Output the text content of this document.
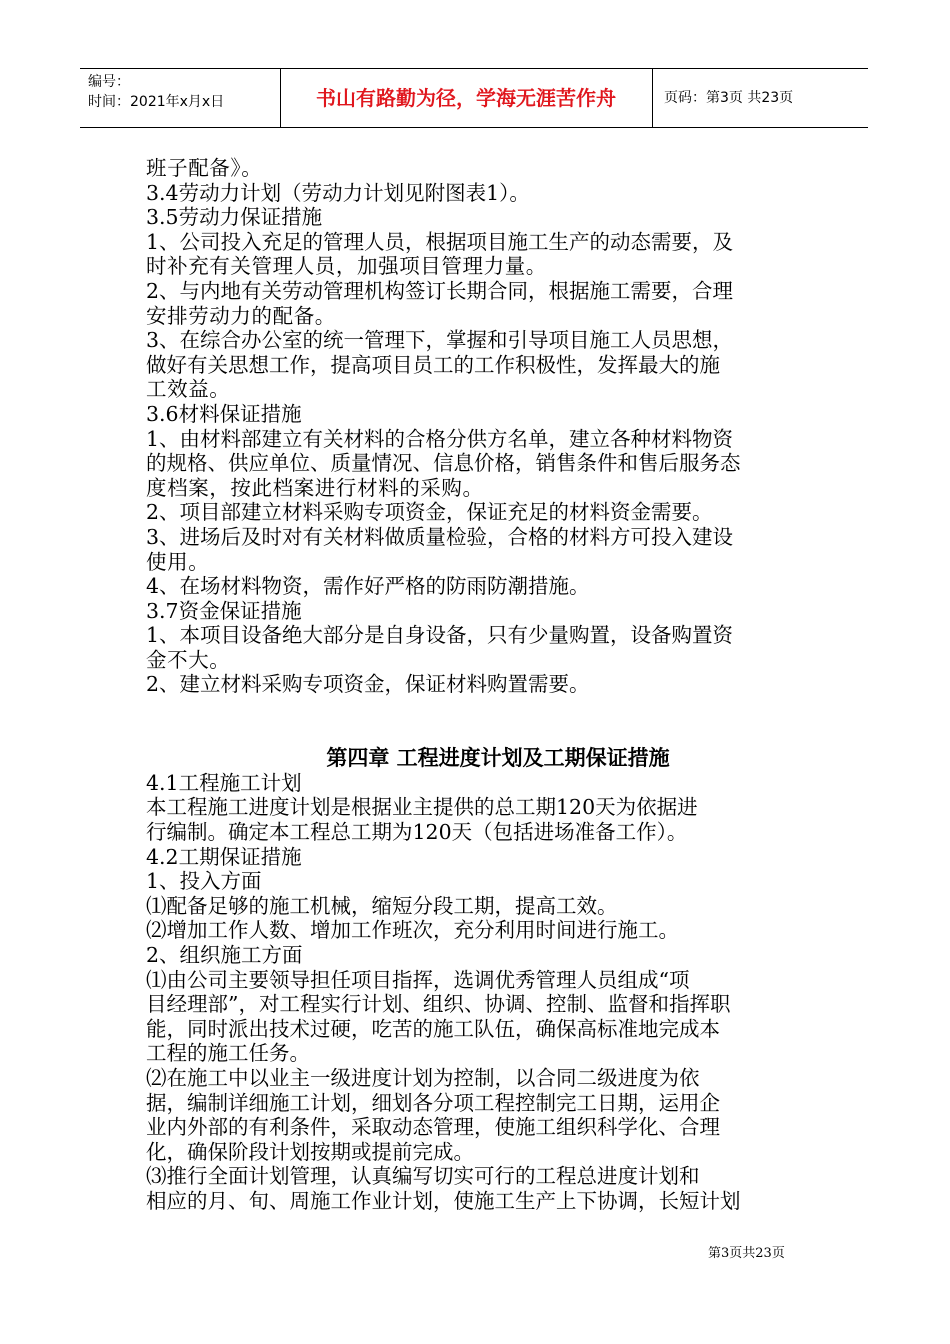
编号：
时间：2021年x月x日	书山有路勤为径，学海无涯苦作舟	页码：第3页 共23页
班子配备》。
3.4劳动力计划（劳动力计划见附图表1）。
3.5劳动力保证措施
1、公司投入充足的管理人员，根据项目施工生产的动态需要，及
时补充有关管理人员，加强项目管理力量。
2、与内地有关劳动管理机构签订长期合同，根据施工需要，合理
安排劳动力的配备。
3、在综合办公室的统一管理下，掌握和引导项目施工人员思想，
做好有关思想工作，提高项目员工的工作积极性，发挥最大的施
工效益。
3.6材料保证措施
1、由材料部建立有关材料的合格分供方名单，建立各种材料物资
的规格、供应单位、质量情况、信息价格，销售条件和售后服务态
度档案，按此档案进行材料的采购。
2、项目部建立材料采购专项资金，保证充足的材料资金需要。
3、进场后及时对有关材料做质量检验，合格的材料方可投入建设
使用。
4、在场材料物资，需作好严格的防雨防潮措施。
3.7资金保证措施
1、本项目设备绝大部分是自身设备，只有少量购置，设备购置资
金不大。
2、建立材料采购专项资金，保证材料购置需要。
第四章 工程进度计划及工期保证措施
4.1工程施工计划
本工程施工进度计划是根据业主提供的总工期120天为依据进
行编制。确定本工程总工期为120天（包括进场准备工作）。
4.2工期保证措施
1、投入方面
⑴配备足够的施工机械，缩短分段工期，提高工效。
⑵增加工作人数、增加工作班次，充分利用时间进行施工。
2、组织施工方面
⑴由公司主要领导担任项目指挥，选调优秀管理人员组成“项
目经理部”，对工程实行计划、组织、协调、控制、监督和指挥职
能，同时派出技术过硬，吃苦的施工队伍，确保高标准地完成本
工程的施工任务。
⑵在施工中以业主一级进度计划为控制，以合同二级进度为依
据，编制详细施工计划，细划各分项工程控制完工日期，运用企
业内外部的有利条件，采取动态管理，使施工组织科学化、合理
化，确保阶段计划按期或提前完成。
⑶推行全面计划管理，认真编写切实可行的工程总进度计划和
相应的月、旬、周施工作业计划，使施工生产上下协调，长短计划
第3页共23页
